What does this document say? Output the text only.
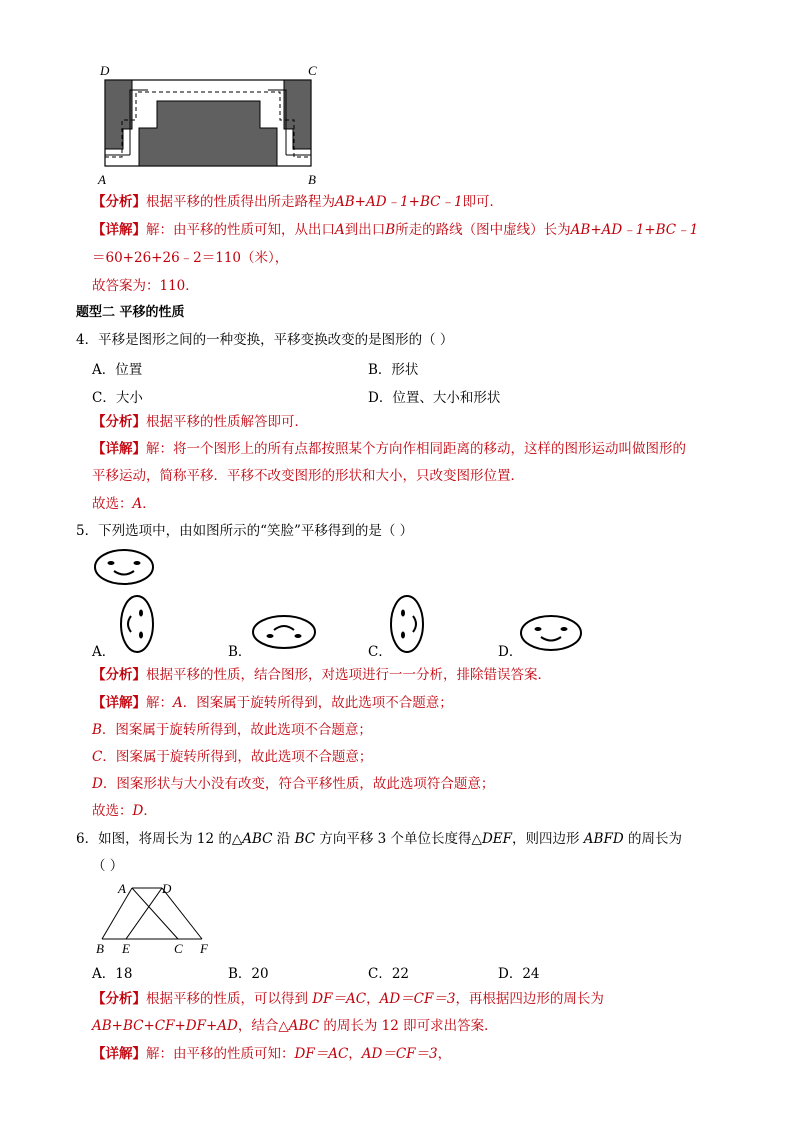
D	C
A	B
【分析】根据平移的性质得出所走路程为AB+AD﹣1+BC﹣1即可．
【详解】解：由平移的性质可知，从出口A到出口B所走的路线（图中虚线）长为AB+AD﹣1+BC﹣1
＝60+26+26﹣2＝110（米），
故答案为：110．
题型二 平移的性质
4．平移是图形之间的一种变换，平移变换改变的是图形的（ ）
A．位置	B．形状
C．大小	D．位置、大小和形状
【分析】根据平移的性质解答即可．
【详解】解：将一个图形上的所有点都按照某个方向作相同距离的移动，这样的图形运动叫做图形的
平移运动，简称平移．平移不改变图形的形状和大小，只改变图形位置．
故选：A．
5．下列选项中，由如图所示的“笑脸”平移得到的是（ ）
A．	B．	C．	D．
【分析】根据平移的性质，结合图形，对选项进行一一分析，排除错误答案．
【详解】解：A．图案属于旋转所得到，故此选项不合题意；
B．图案属于旋转所得到，故此选项不合题意；
C．图案属于旋转所得到，故此选项不合题意；
D．图案形状与大小没有改变，符合平移性质，故此选项符合题意；
故选：D．
6．如图，将周长为 12 的△ABC 沿 BC 方向平移 3 个单位长度得△DEF，则四边形 ABFD 的周长为
（ ）
A	D
B E	C F
A．18	B．20	C．22	D．24
【分析】根据平移的性质，可以得到 DF＝AC，AD＝CF＝3，再根据四边形的周长为
AB+BC+CF+DF+AD，结合△ABC 的周长为 12 即可求出答案．
【详解】解：由平移的性质可知：DF＝AC，AD＝CF＝3，
